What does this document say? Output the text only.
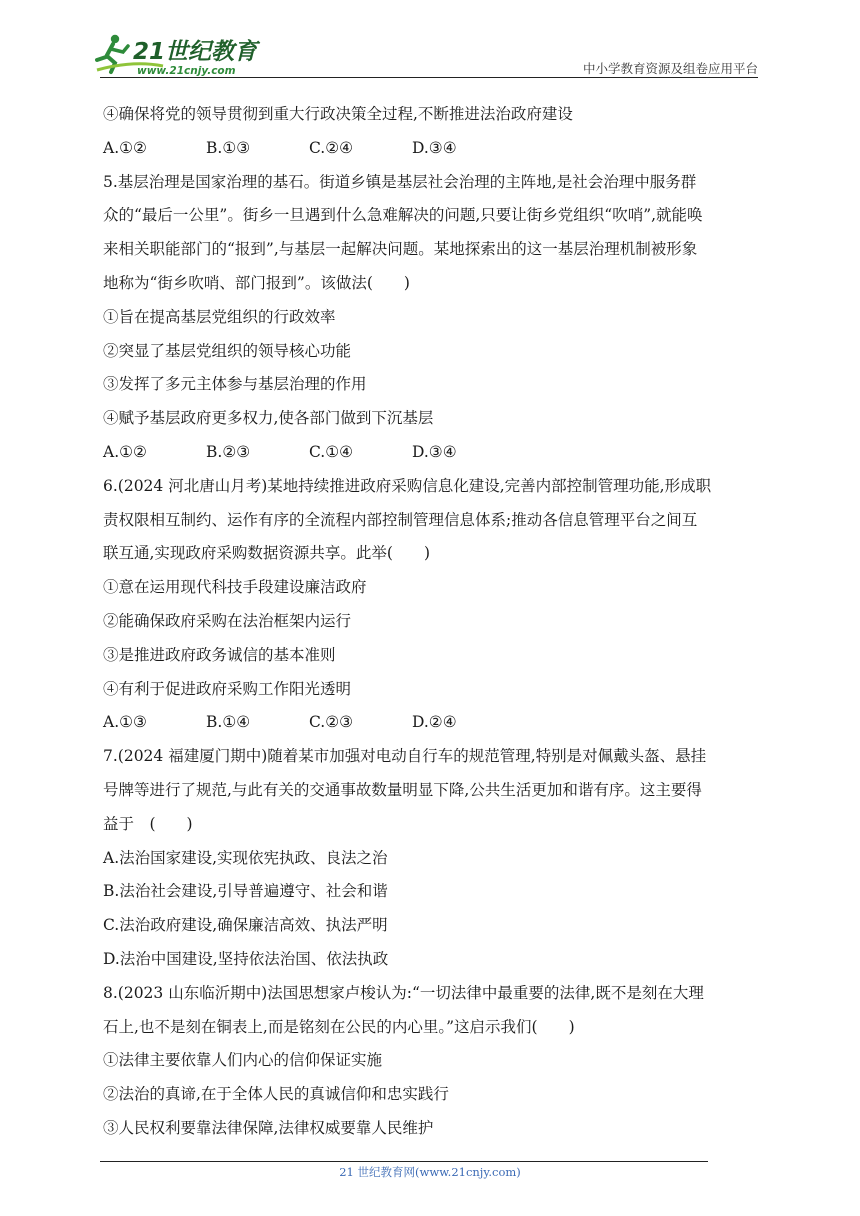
21世纪教育
www.21cnjy.com	中小学教育资源及组卷应用平台
④确保将党的领导贯彻到重大行政决策全过程,不断推进法治政府建设
A.①②	B.①③	C.②④	D.③④
5.基层治理是国家治理的基石。街道乡镇是基层社会治理的主阵地,是社会治理中服务群
众的“最后一公里”。街乡一旦遇到什么急难解决的问题,只要让街乡党组织“吹哨”,就能唤
来相关职能部门的“报到”,与基层一起解决问题。某地探索出的这一基层治理机制被形象
地称为“街乡吹哨、部门报到”。该做法(　　)
①旨在提高基层党组织的行政效率
②突显了基层党组织的领导核心功能
③发挥了多元主体参与基层治理的作用
④赋予基层政府更多权力,使各部门做到下沉基层
A.①②	B.②③	C.①④	D.③④
6.(2024 河北唐山月考)某地持续推进政府采购信息化建设,完善内部控制管理功能,形成职
责权限相互制约、运作有序的全流程内部控制管理信息体系;推动各信息管理平台之间互
联互通,实现政府采购数据资源共享。此举(　　)
①意在运用现代科技手段建设廉洁政府
②能确保政府采购在法治框架内运行
③是推进政府政务诚信的基本准则
④有利于促进政府采购工作阳光透明
A.①③	B.①④	C.②③	D.②④
7.(2024 福建厦门期中)随着某市加强对电动自行车的规范管理,特别是对佩戴头盔、悬挂
号牌等进行了规范,与此有关的交通事故数量明显下降,公共生活更加和谐有序。这主要得
益于　(　　)
A.法治国家建设,实现依宪执政、良法之治
B.法治社会建设,引导普遍遵守、社会和谐
C.法治政府建设,确保廉洁高效、执法严明
D.法治中国建设,坚持依法治国、依法执政
8.(2023 山东临沂期中)法国思想家卢梭认为:“一切法律中最重要的法律,既不是刻在大理
石上,也不是刻在铜表上,而是铭刻在公民的内心里。”这启示我们(　　)
①法律主要依靠人们内心的信仰保证实施
②法治的真谛,在于全体人民的真诚信仰和忠实践行
③人民权利要靠法律保障,法律权威要靠人民维护
21 世纪教育网(www.21cnjy.com)
